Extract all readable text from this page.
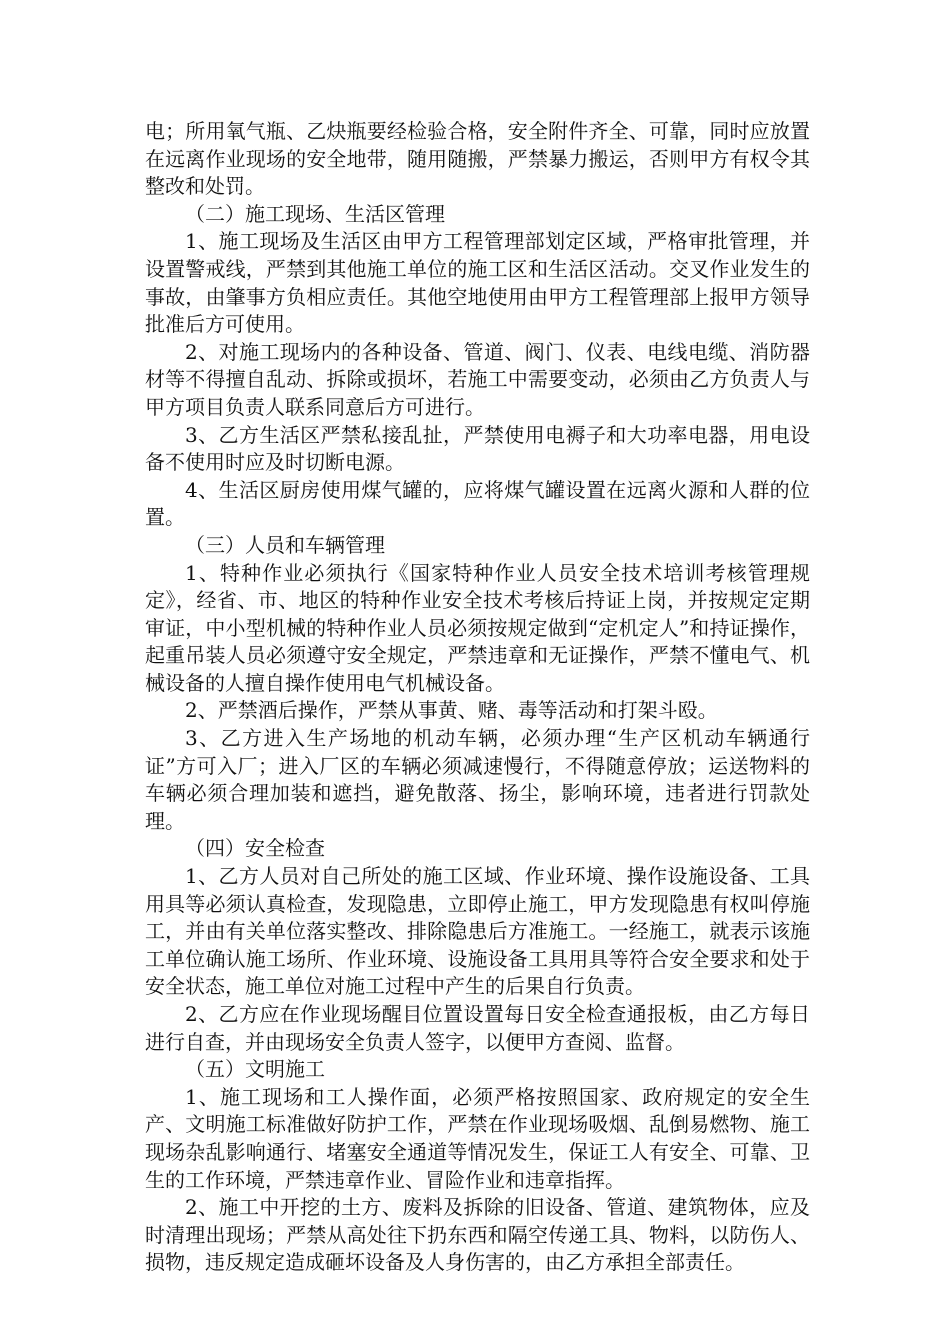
电；所用氧气瓶、乙炔瓶要经检验合格，安全附件齐全、可靠，同时应放置在远离作业现场的安全地带，随用随搬，严禁暴力搬运，否则甲方有权令其整改和处罚。

（二）施工现场、生活区管理

1、施工现场及生活区由甲方工程管理部划定区域，严格审批管理，并设置警戒线，严禁到其他施工单位的施工区和生活区活动。交叉作业发生的事故，由肇事方负相应责任。其他空地使用由甲方工程管理部上报甲方领导批准后方可使用。

2、对施工现场内的各种设备、管道、阀门、仪表、电线电缆、消防器材等不得擅自乱动、拆除或损坏，若施工中需要变动，必须由乙方负责人与甲方项目负责人联系同意后方可进行。

3、乙方生活区严禁私接乱扯，严禁使用电褥子和大功率电器，用电设备不使用时应及时切断电源。

4、生活区厨房使用煤气罐的，应将煤气罐设置在远离火源和人群的位置。

（三）人员和车辆管理

1、特种作业必须执行《国家特种作业人员安全技术培训考核管理规定》，经省、市、地区的特种作业安全技术考核后持证上岗，并按规定定期审证，中小型机械的特种作业人员必须按规定做到“定机定人”和持证操作，起重吊装人员必须遵守安全规定，严禁违章和无证操作，严禁不懂电气、机械设备的人擅自操作使用电气机械设备。

2、严禁酒后操作，严禁从事黄、赌、毒等活动和打架斗殴。

3、乙方进入生产场地的机动车辆，必须办理“生产区机动车辆通行证”方可入厂；进入厂区的车辆必须减速慢行，不得随意停放；运送物料的车辆必须合理加装和遮挡，避免散落、扬尘，影响环境，违者进行罚款处理。

（四）安全检查

1、乙方人员对自己所处的施工区域、作业环境、操作设施设备、工具用具等必须认真检查，发现隐患，立即停止施工，甲方发现隐患有权叫停施工，并由有关单位落实整改、排除隐患后方准施工。一经施工，就表示该施工单位确认施工场所、作业环境、设施设备工具用具等符合安全要求和处于安全状态，施工单位对施工过程中产生的后果自行负责。

2、乙方应在作业现场醒目位置设置每日安全检查通报板，由乙方每日进行自查，并由现场安全负责人签字，以便甲方查阅、监督。

（五）文明施工

1、施工现场和工人操作面，必须严格按照国家、政府规定的安全生产、文明施工标准做好防护工作，严禁在作业现场吸烟、乱倒易燃物、施工现场杂乱影响通行、堵塞安全通道等情况发生，保证工人有安全、可靠、卫生的工作环境，严禁违章作业、冒险作业和违章指挥。

2、施工中开挖的土方、废料及拆除的旧设备、管道、建筑物体，应及时清理出现场；严禁从高处往下扔东西和隔空传递工具、物料，以防伤人、损物，违反规定造成砸坏设备及人身伤害的，由乙方承担全部责任。
